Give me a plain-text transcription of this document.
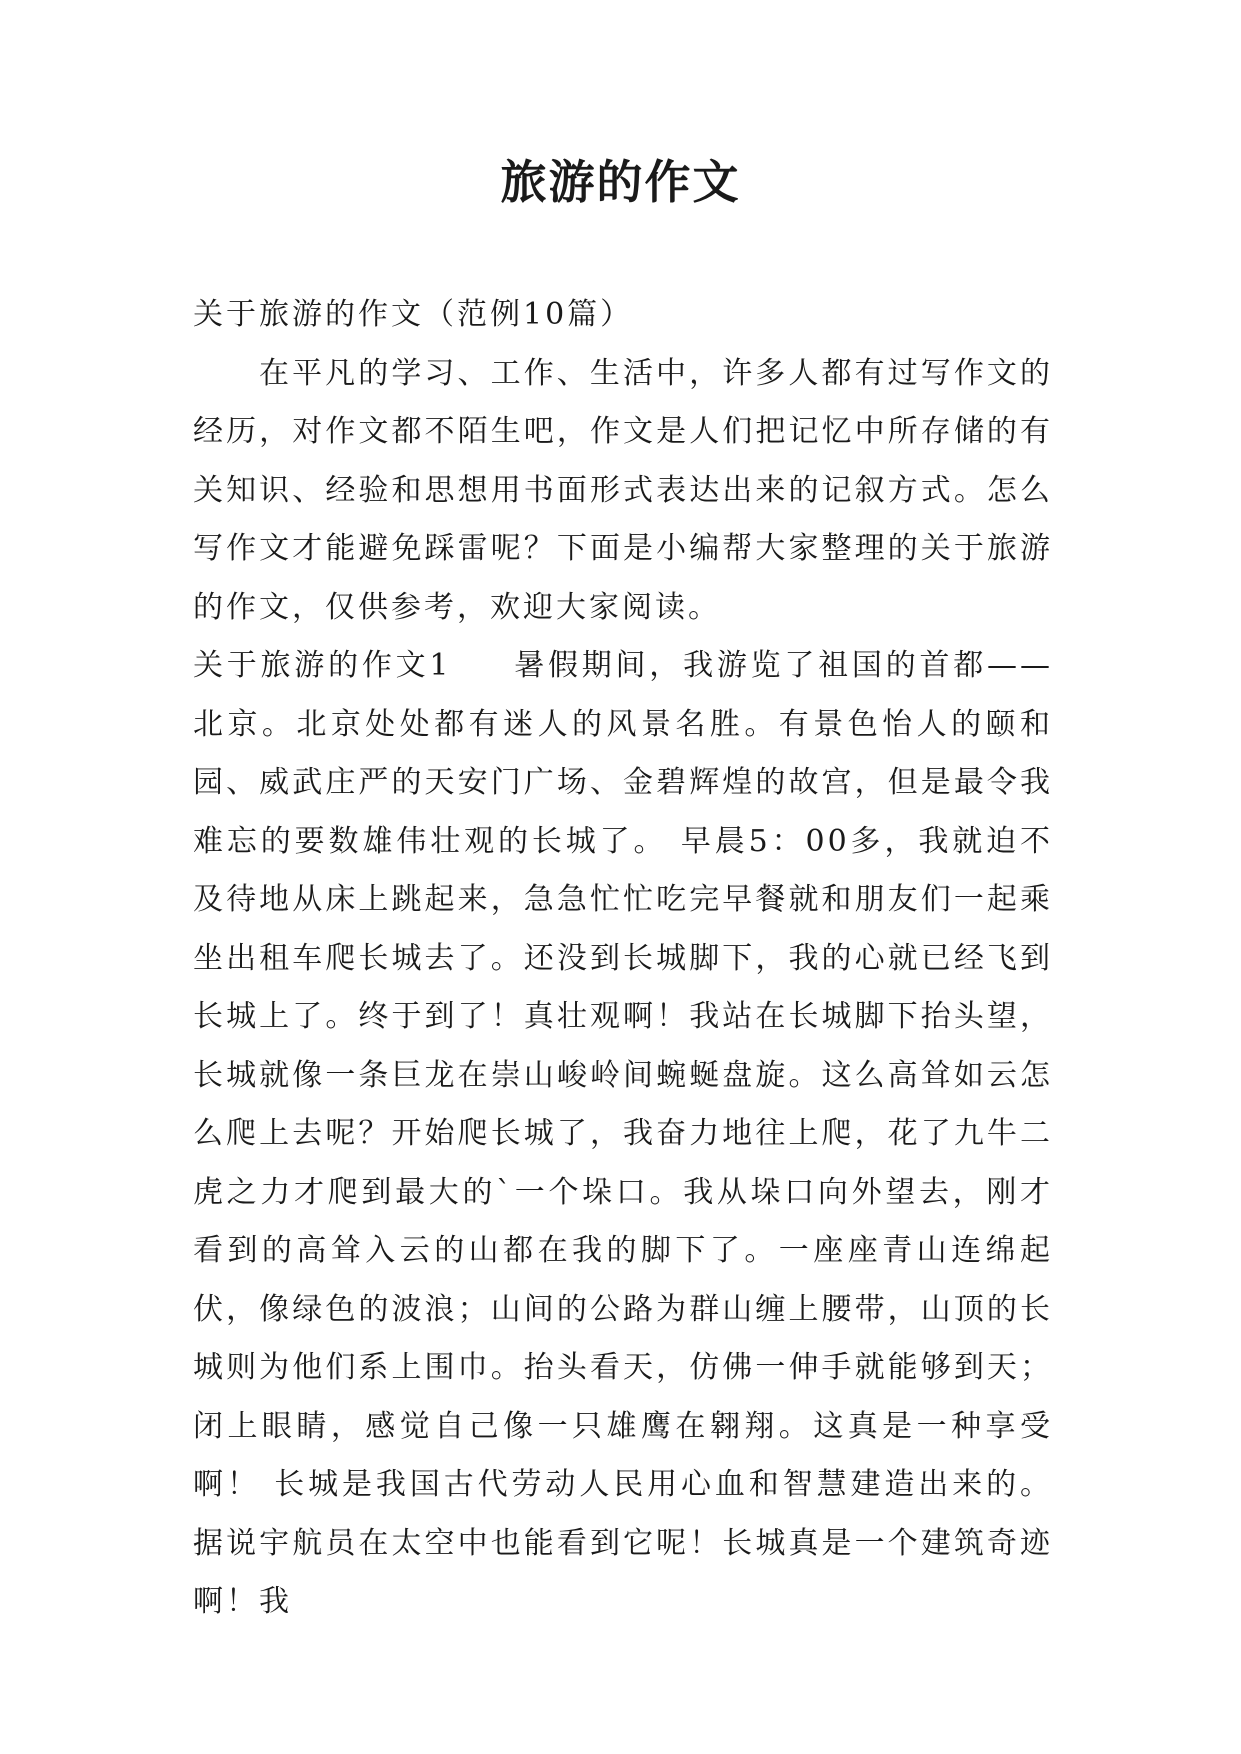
旅游的作文

关于旅游的作文（范例10篇）

在平凡的学习、工作、生活中，许多人都有过写作文的经历，对作文都不陌生吧，作文是人们把记忆中所存储的有关知识、经验和思想用书面形式表达出来的记叙方式。怎么写作文才能避免踩雷呢？下面是小编帮大家整理的关于旅游的作文，仅供参考，欢迎大家阅读。

关于旅游的作文1 暑假期间，我游览了祖国的首都——北京。北京处处都有迷人的风景名胜。有景色怡人的颐和园、威武庄严的天安门广场、金碧辉煌的故宫，但是最令我难忘的要数雄伟壮观的长城了。 早晨5：00多，我就迫不及待地从床上跳起来，急急忙忙吃完早餐就和朋友们一起乘坐出租车爬长城去了。还没到长城脚下，我的心就已经飞到长城上了。终于到了！真壮观啊！我站在长城脚下抬头望，长城就像一条巨龙在崇山峻岭间蜿蜒盘旋。这么高耸如云怎么爬上去呢？开始爬长城了，我奋力地往上爬，花了九牛二虎之力才爬到最大的`一个垛口。我从垛口向外望去，刚才看到的高耸入云的山都在我的脚下了。一座座青山连绵起伏，像绿色的波浪；山间的公路为群山缠上腰带，山顶的长城则为他们系上围巾。抬头看天，仿佛一伸手就能够到天；闭上眼睛，感觉自己像一只雄鹰在翱翔。这真是一种享受啊！ 长城是我国古代劳动人民用心血和智慧建造出来的。据说宇航员在太空中也能看到它呢！长城真是一个建筑奇迹啊！我
